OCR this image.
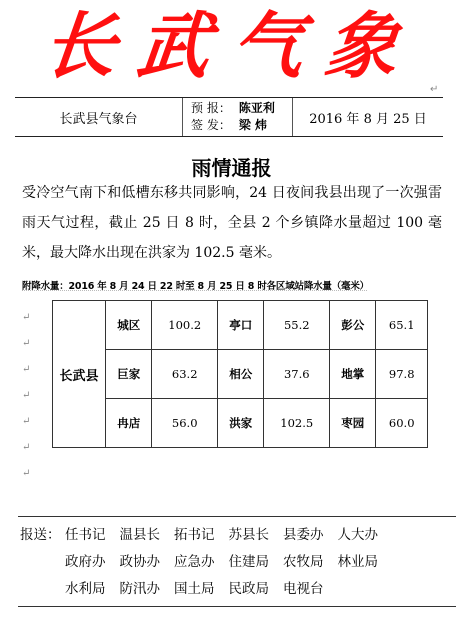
长武气象
↵
长武县气象台
预 报： 陈亚利
签 发： 梁 炜	2016 年 8 月 25 日
雨情通报
受冷空气南下和低槽东移共同影响，24 日夜间我县出现了一次强雷雨天气过程，截止 25 日 8 时，全县 2 个乡镇降水量超过 100 毫米，最大降水出现在洪家为 102.5 毫米。
附降水量：2016 年 8 月 24 日 22 时至 8 月 25 日 8 时各区域站降水量（毫米）
↵
↵
↵
↵
↵
↵
↵
长武县	城区	100.2	亭口	55.2	彭公	65.1
	巨家	63.2	相公	37.6	地掌	97.8
	冉店	56.0	洪家	102.5	枣园	60.0
报送： 任书记 温县长 拓书记 苏县长 县委办 人大办
政府办 政协办 应急办 住建局 农牧局 林业局
水利局 防汛办 国土局 民政局 电视台
